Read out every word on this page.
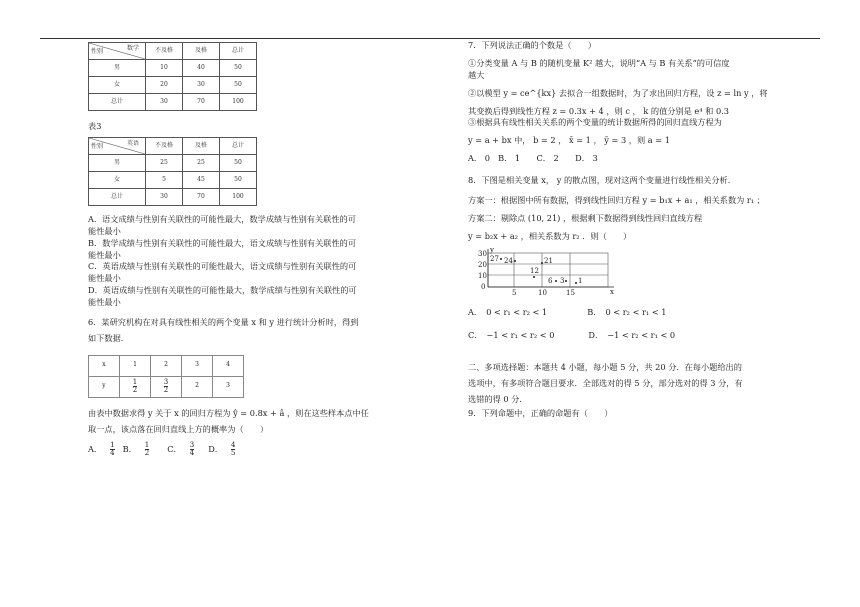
数学
性别	不及格	及格	总计
男	10	40	50
女	20	30	50
总计	30	70	100

表3

英语
性别	不及格	及格	总计
男	25	25	50
女	5	45	50
总计	30	70	100

A．语文成绩与性别有关联性的可能性最大，数学成绩与性别有关联性的可

能性最小

B．数学成绩与性别有关联性的可能性最大，语文成绩与性别有关联性的可

能性最小

C．英语成绩与性别有关联性的可能性最大，语文成绩与性别有关联性的可

能性最小

D．英语成绩与性别有关联性的可能性最大，数学成绩与性别有关联性的可

能性最小

6．某研究机构在对具有线性相关的两个变量 x 和 y 进行统计分析时，得到

如下数据．

x	1	2	3	4
y	$\frac{1}{2}$	$\frac{3}{2}$	2	3

由表中数据求得 y 关于 x 的回归方程为 ŷ = 0.8x + â ，则在这些样本点中任

取一点，该点落在回归直线上方的概率为（　　）

A． $\frac{1}{4}$ B． $\frac{1}{2}$ C． $\frac{3}{4}$ D． $\frac{4}{5}$

7．下列说法正确的个数是（　　）

①分类变量 A 与 B 的随机变量 K² 越大，说明“A 与 B 有关系”的可信度

越大

②以模型 y = ce^{kx} 去拟合一组数据时，为了求出回归方程，设 z = ln y ，将

其变换后得到线性方程 z = 0.3x + 4 ，则 c ， k 的值分别是 e⁴ 和 0.3

③根据具有线性相关关系的两个变量的统计数据所得的回归直线方程为

y = a + bx 中， b = 2 ， x̄ = 1 ， ȳ = 3 ，则 a = 1

A． 0　B． 1　　C． 2　　D． 3

8．下图是相关变量 x， y 的散点图，现对这两个变量进行线性相关分析．

方案一：根据图中所有数据，得到线性回归方程 y = b₁x + a₁ ，相关系数为 r₁ ；

方案二：剔除点 (10, 21) ，根据剩下数据得到线性回归直线方程

y = b₂x + a₂ ，相关系数为 r₂ ．则（　　）

y
x
30
20
10
0
5	10	15
27 24	21
12
6 3 1
A．　0 < r₁ < r₂ < 1	B．　0 < r₂ < r₁ < 1
C．　−1 < r₁ < r₂ < 0	D．　−1 < r₂ < r₁ < 0

二、多项选择题：本题共 4 小题，每小题 5 分，共 20 分．在每小题给出的

选项中，有多项符合题目要求．全部选对的得 5 分，部分选对的得 3 分，有

选错的得 0 分．

9．下列命题中，正确的命题有（　　）
